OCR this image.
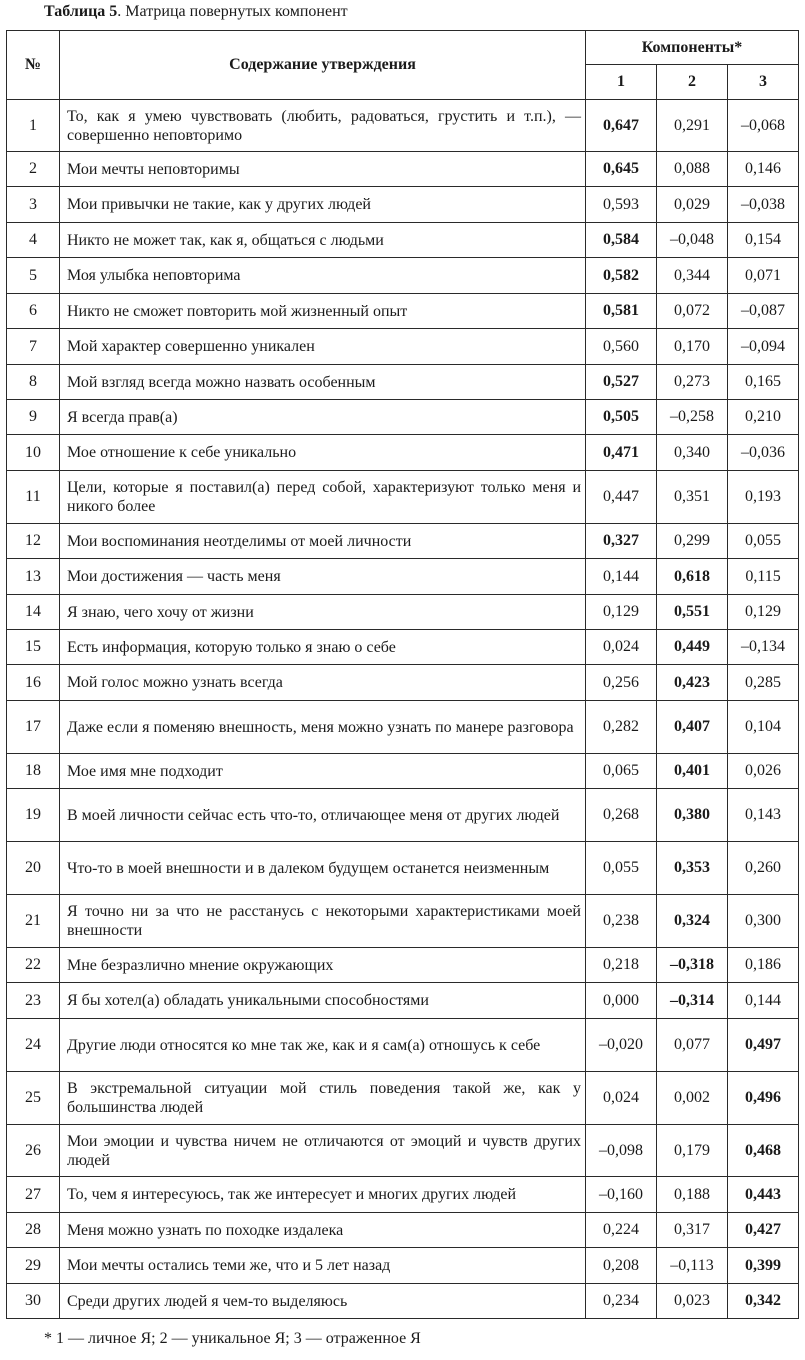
Таблица 5. Матрица повернутых компонент
№	Содержание утверждения	Компоненты*		
		1	2	3
1	То, как я умею чувствовать (любить, радоваться, грустить и т.п.), — совершенно неповторимо	0,647	0,291	–0,068
2	Мои мечты неповторимы	0,645	0,088	0,146
3	Мои привычки не такие, как у других людей	0,593	0,029	–0,038
4	Никто не может так, как я, общаться с людьми	0,584	–0,048	0,154
5	Моя улыбка неповторима	0,582	0,344	0,071
6	Никто не сможет повторить мой жизненный опыт	0,581	0,072	–0,087
7	Мой характер совершенно уникален	0,560	0,170	–0,094
8	Мой взгляд всегда можно назвать особенным	0,527	0,273	0,165
9	Я всегда прав(а)	0,505	–0,258	0,210
10	Мое отношение к себе уникально	0,471	0,340	–0,036
11	Цели, которые я поставил(а) перед собой, характеризуют только меня и никого более	0,447	0,351	0,193
12	Мои воспоминания неотделимы от моей личности	0,327	0,299	0,055
13	Мои достижения — часть меня	0,144	0,618	0,115
14	Я знаю, чего хочу от жизни	0,129	0,551	0,129
15	Есть информация, которую только я знаю о себе	0,024	0,449	–0,134
16	Мой голос можно узнать всегда	0,256	0,423	0,285
17	Даже если я поменяю внешность, меня можно узнать по манере разговора	0,282	0,407	0,104
18	Мое имя мне подходит	0,065	0,401	0,026
19	В моей личности сейчас есть что-то, отличающее меня от других людей	0,268	0,380	0,143
20	Что-то в моей внешности и в далеком будущем останется неизменным	0,055	0,353	0,260
21	Я точно ни за что не расстанусь с некоторыми характеристиками моей внешности	0,238	0,324	0,300
22	Мне безразлично мнение окружающих	0,218	–0,318	0,186
23	Я бы хотел(а) обладать уникальными способностями	0,000	–0,314	0,144
24	Другие люди относятся ко мне так же, как и я сам(а) отношусь к себе	–0,020	0,077	0,497
25	В экстремальной ситуации мой стиль поведения такой же, как у большинства людей	0,024	0,002	0,496
26	Мои эмоции и чувства ничем не отличаются от эмоций и чувств других людей	–0,098	0,179	0,468
27	То, чем я интересуюсь, так же интересует и многих других людей	–0,160	0,188	0,443
28	Меня можно узнать по походке издалека	0,224	0,317	0,427
29	Мои мечты остались теми же, что и 5 лет назад	0,208	–0,113	0,399
30	Среди других людей я чем-то выделяюсь	0,234	0,023	0,342
* 1 — личное Я; 2 — уникальное Я; 3 — отраженное Я
